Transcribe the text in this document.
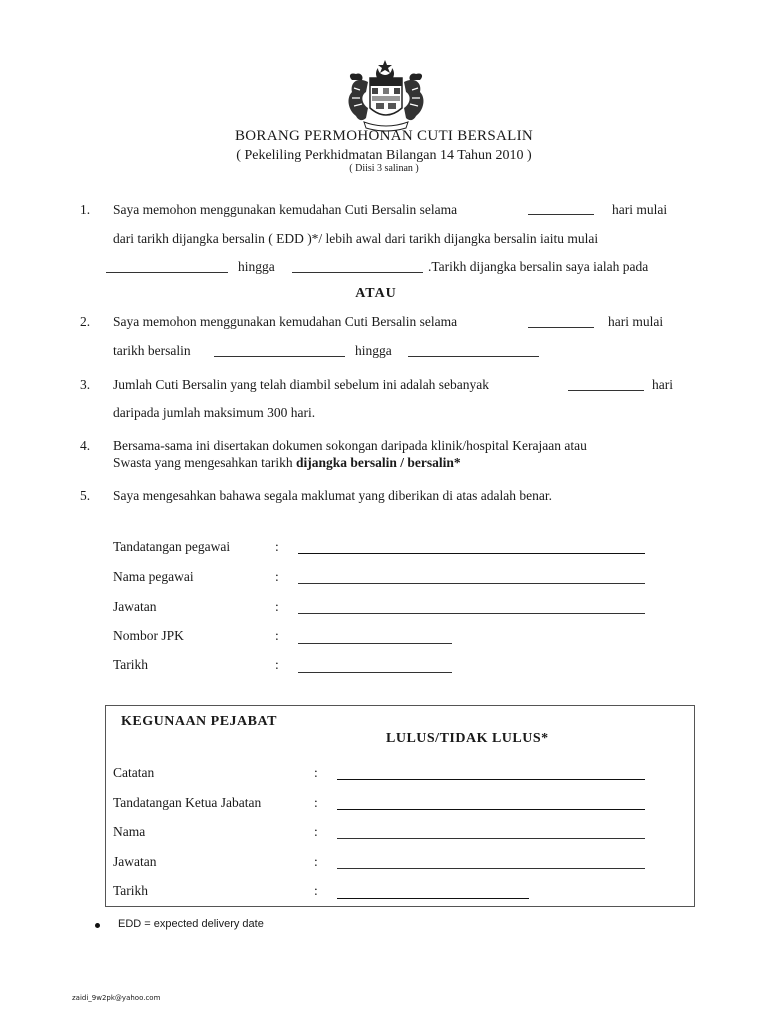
BORANG PERMOHONAN CUTI BERSALIN
( Pekeliling Perkhidmatan Bilangan 14 Tahun 2010 )
( Diisi 3 salinan )
1. Saya memohon menggunakan kemudahan Cuti Bersalin selama	hari mulai
dari tarikh dijangka bersalin ( EDD )*/ lebih awal dari tarikh dijangka bersalin iaitu mulai
hingga	.Tarikh dijangka bersalin saya ialah pada
ATAU
2. Saya memohon menggunakan kemudahan Cuti Bersalin selama	hari mulai
tarikh bersalin	hingga
3. Jumlah Cuti Bersalin yang telah diambil sebelum ini adalah sebanyak	hari
daripada jumlah maksimum 300 hari.
4. Bersama-sama ini disertakan dokumen sokongan daripada klinik/hospital Kerajaan atau
Swasta yang mengesahkan tarikh dijangka bersalin / bersalin*
5. Saya mengesahkan bahawa segala maklumat yang diberikan di atas adalah benar.
Tandatangan pegawai	:
Nama pegawai	:
Jawatan	:
Nombor JPK	:
Tarikh	:
KEGUNAAN PEJABAT
LULUS/TIDAK LULUS*
Catatan	:
Tandatangan Ketua Jabatan	:
Nama	:
Jawatan	:
Tarikh	:
EDD = expected delivery date
zaidi_9w2pk@yahoo.com
